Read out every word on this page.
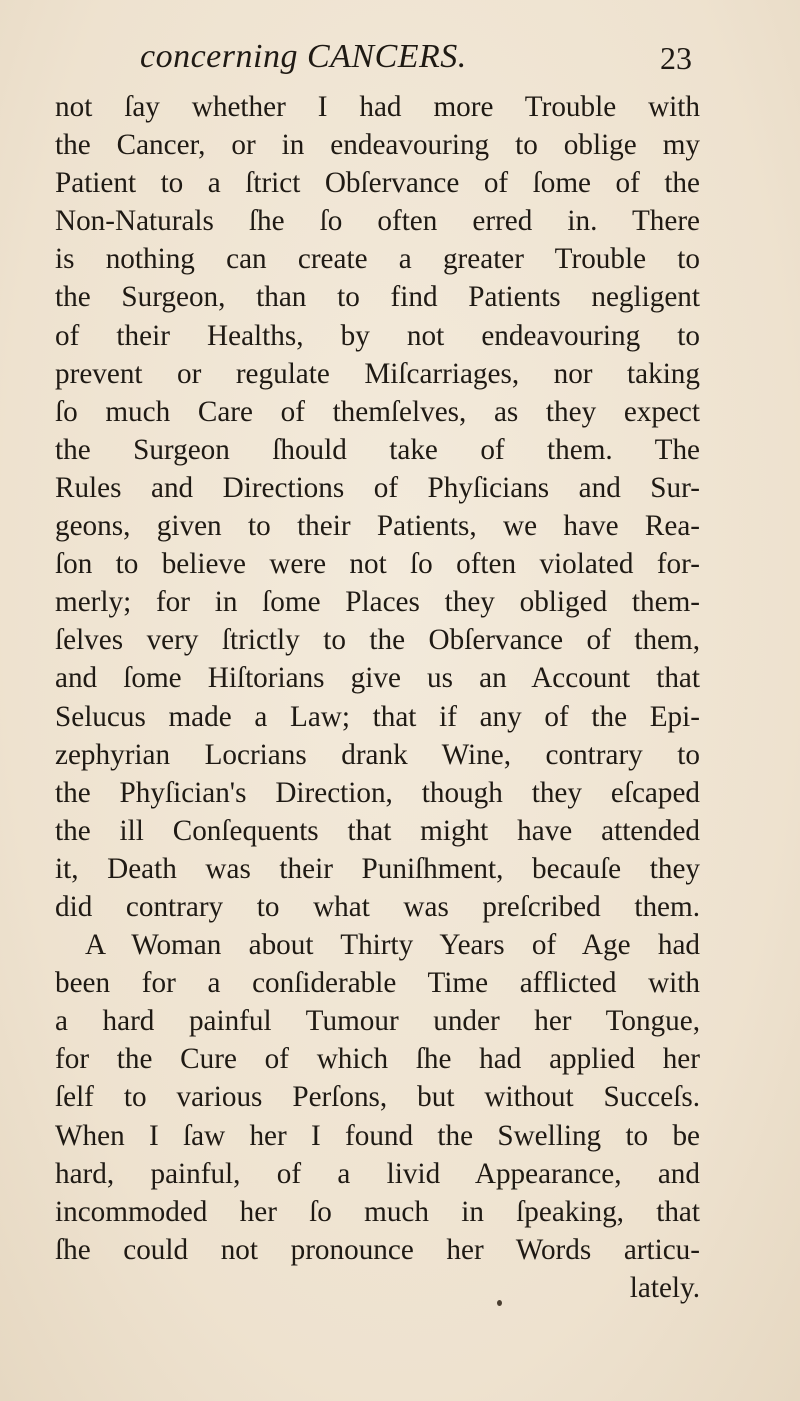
concerning CANCERS.	23
not ſay whether I had more Trouble with
the Cancer, or in endeavouring to oblige my
Patient to a ſtrict Obſervance of ſome of the
Non-Naturals ſhe ſo often erred in. There
is nothing can create a greater Trouble to
the Surgeon, than to find Patients negligent
of their Healths, by not endeavouring to
prevent or regulate Miſcarriages, nor taking
ſo much Care of themſelves, as they expect
the Surgeon ſhould take of them. The
Rules and Directions of Phyſicians and Sur-
geons, given to their Patients, we have Rea-
ſon to believe were not ſo often violated for-
merly; for in ſome Places they obliged them-
ſelves very ſtrictly to the Obſervance of them,
and ſome Hiſtorians give us an Account that
Selucus made a Law; that if any of the Epi-
zephyrian Locrians drank Wine, contrary to
the Phyſician's Direction, though they eſcaped
the ill Conſequents that might have attended
it, Death was their Puniſhment, becauſe they
did contrary to what was preſcribed them.
A Woman about Thirty Years of Age had
been for a conſiderable Time afflicted with
a hard painful Tumour under her Tongue,
for the Cure of which ſhe had applied her
ſelf to various Perſons, but without Succeſs.
When I ſaw her I found the Swelling to be
hard, painful, of a livid Appearance, and
incommoded her ſo much in ſpeaking, that
ſhe could not pronounce her Words articu-
lately.
